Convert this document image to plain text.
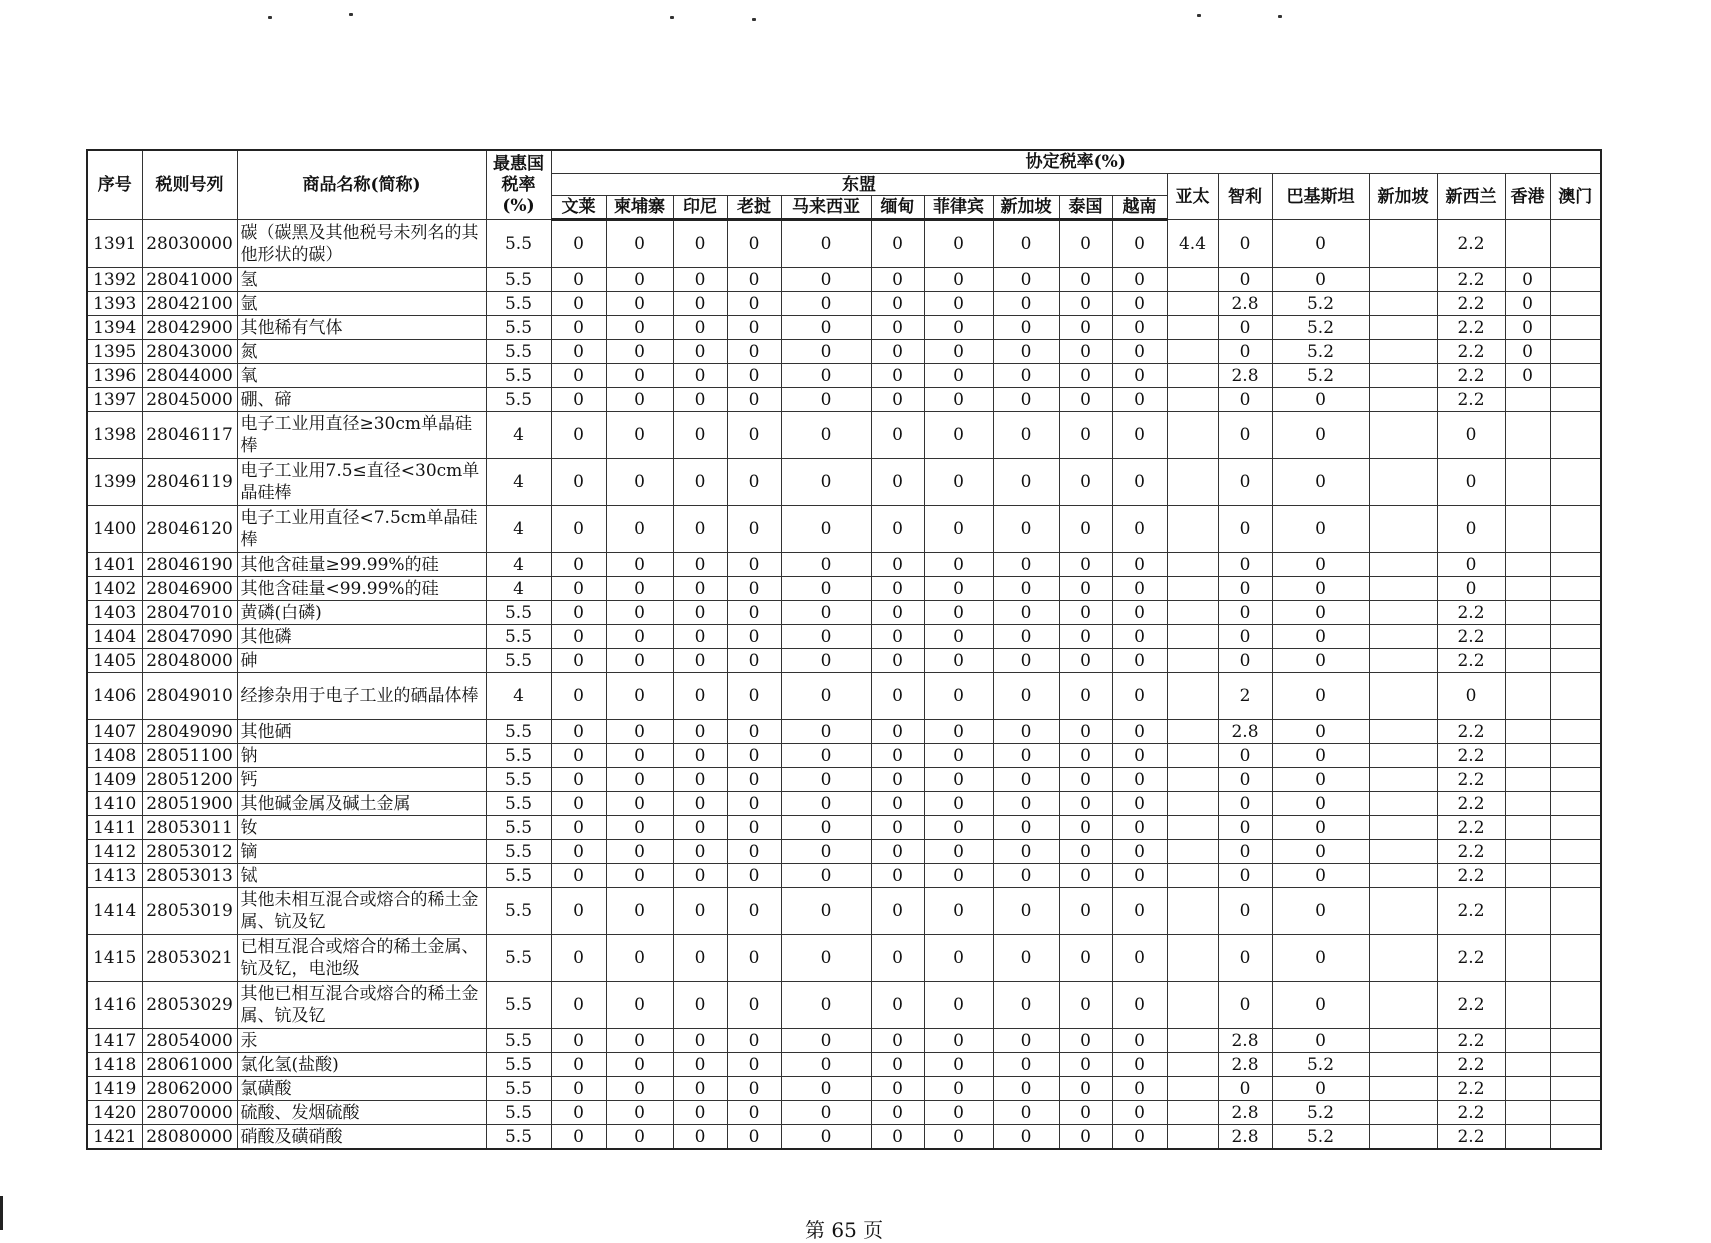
序号	税则号列	商品名称(简称)	最惠国税率(%)	协定税率(%)																
				东盟										亚太	智利	巴基斯坦	新加坡	新西兰	香港	澳门
				文莱	柬埔寨	印尼	老挝	马来西亚	缅甸	菲律宾	新加坡	泰国	越南							
1391	28030000	碳（碳黑及其他税号未列名的其他形状的碳）	5.5	0	0	0	0	0	0	0	0	0	0	4.4	0	0		2.2		
1392	28041000	氢	5.5	0	0	0	0	0	0	0	0	0	0		0	0		2.2	0	
1393	28042100	氩	5.5	0	0	0	0	0	0	0	0	0	0		2.8	5.2		2.2	0	
1394	28042900	其他稀有气体	5.5	0	0	0	0	0	0	0	0	0	0		0	5.2		2.2	0	
1395	28043000	氮	5.5	0	0	0	0	0	0	0	0	0	0		0	5.2		2.2	0	
1396	28044000	氧	5.5	0	0	0	0	0	0	0	0	0	0		2.8	5.2		2.2	0	
1397	28045000	硼、碲	5.5	0	0	0	0	0	0	0	0	0	0		0	0		2.2		
1398	28046117	电子工业用直径≥30cm单晶硅棒	4	0	0	0	0	0	0	0	0	0	0		0	0		0		
1399	28046119	电子工业用7.5≤直径<30cm单晶硅棒	4	0	0	0	0	0	0	0	0	0	0		0	0		0		
1400	28046120	电子工业用直径<7.5cm单晶硅棒	4	0	0	0	0	0	0	0	0	0	0		0	0		0		
1401	28046190	其他含硅量≥99.99%的硅	4	0	0	0	0	0	0	0	0	0	0		0	0		0		
1402	28046900	其他含硅量<99.99%的硅	4	0	0	0	0	0	0	0	0	0	0		0	0		0		
1403	28047010	黄磷(白磷)	5.5	0	0	0	0	0	0	0	0	0	0		0	0		2.2		
1404	28047090	其他磷	5.5	0	0	0	0	0	0	0	0	0	0		0	0		2.2		
1405	28048000	砷	5.5	0	0	0	0	0	0	0	0	0	0		0	0		2.2		
1406	28049010	经掺杂用于电子工业的硒晶体棒	4	0	0	0	0	0	0	0	0	0	0		2	0		0		
1407	28049090	其他硒	5.5	0	0	0	0	0	0	0	0	0	0		2.8	0		2.2		
1408	28051100	钠	5.5	0	0	0	0	0	0	0	0	0	0		0	0		2.2		
1409	28051200	钙	5.5	0	0	0	0	0	0	0	0	0	0		0	0		2.2		
1410	28051900	其他碱金属及碱土金属	5.5	0	0	0	0	0	0	0	0	0	0		0	0		2.2		
1411	28053011	钕	5.5	0	0	0	0	0	0	0	0	0	0		0	0		2.2		
1412	28053012	镝	5.5	0	0	0	0	0	0	0	0	0	0		0	0		2.2		
1413	28053013	铽	5.5	0	0	0	0	0	0	0	0	0	0		0	0		2.2		
1414	28053019	其他未相互混合或熔合的稀土金属、钪及钇	5.5	0	0	0	0	0	0	0	0	0	0		0	0		2.2		
1415	28053021	已相互混合或熔合的稀土金属、钪及钇，电池级	5.5	0	0	0	0	0	0	0	0	0	0		0	0		2.2		
1416	28053029	其他已相互混合或熔合的稀土金属、钪及钇	5.5	0	0	0	0	0	0	0	0	0	0		0	0		2.2		
1417	28054000	汞	5.5	0	0	0	0	0	0	0	0	0	0		2.8	0		2.2		
1418	28061000	氯化氢(盐酸)	5.5	0	0	0	0	0	0	0	0	0	0		2.8	5.2		2.2		
1419	28062000	氯磺酸	5.5	0	0	0	0	0	0	0	0	0	0		0	0		2.2		
1420	28070000	硫酸、发烟硫酸	5.5	0	0	0	0	0	0	0	0	0	0		2.8	5.2		2.2		
1421	28080000	硝酸及磺硝酸	5.5	0	0	0	0	0	0	0	0	0	0		2.8	5.2		2.2		
第 65 页
